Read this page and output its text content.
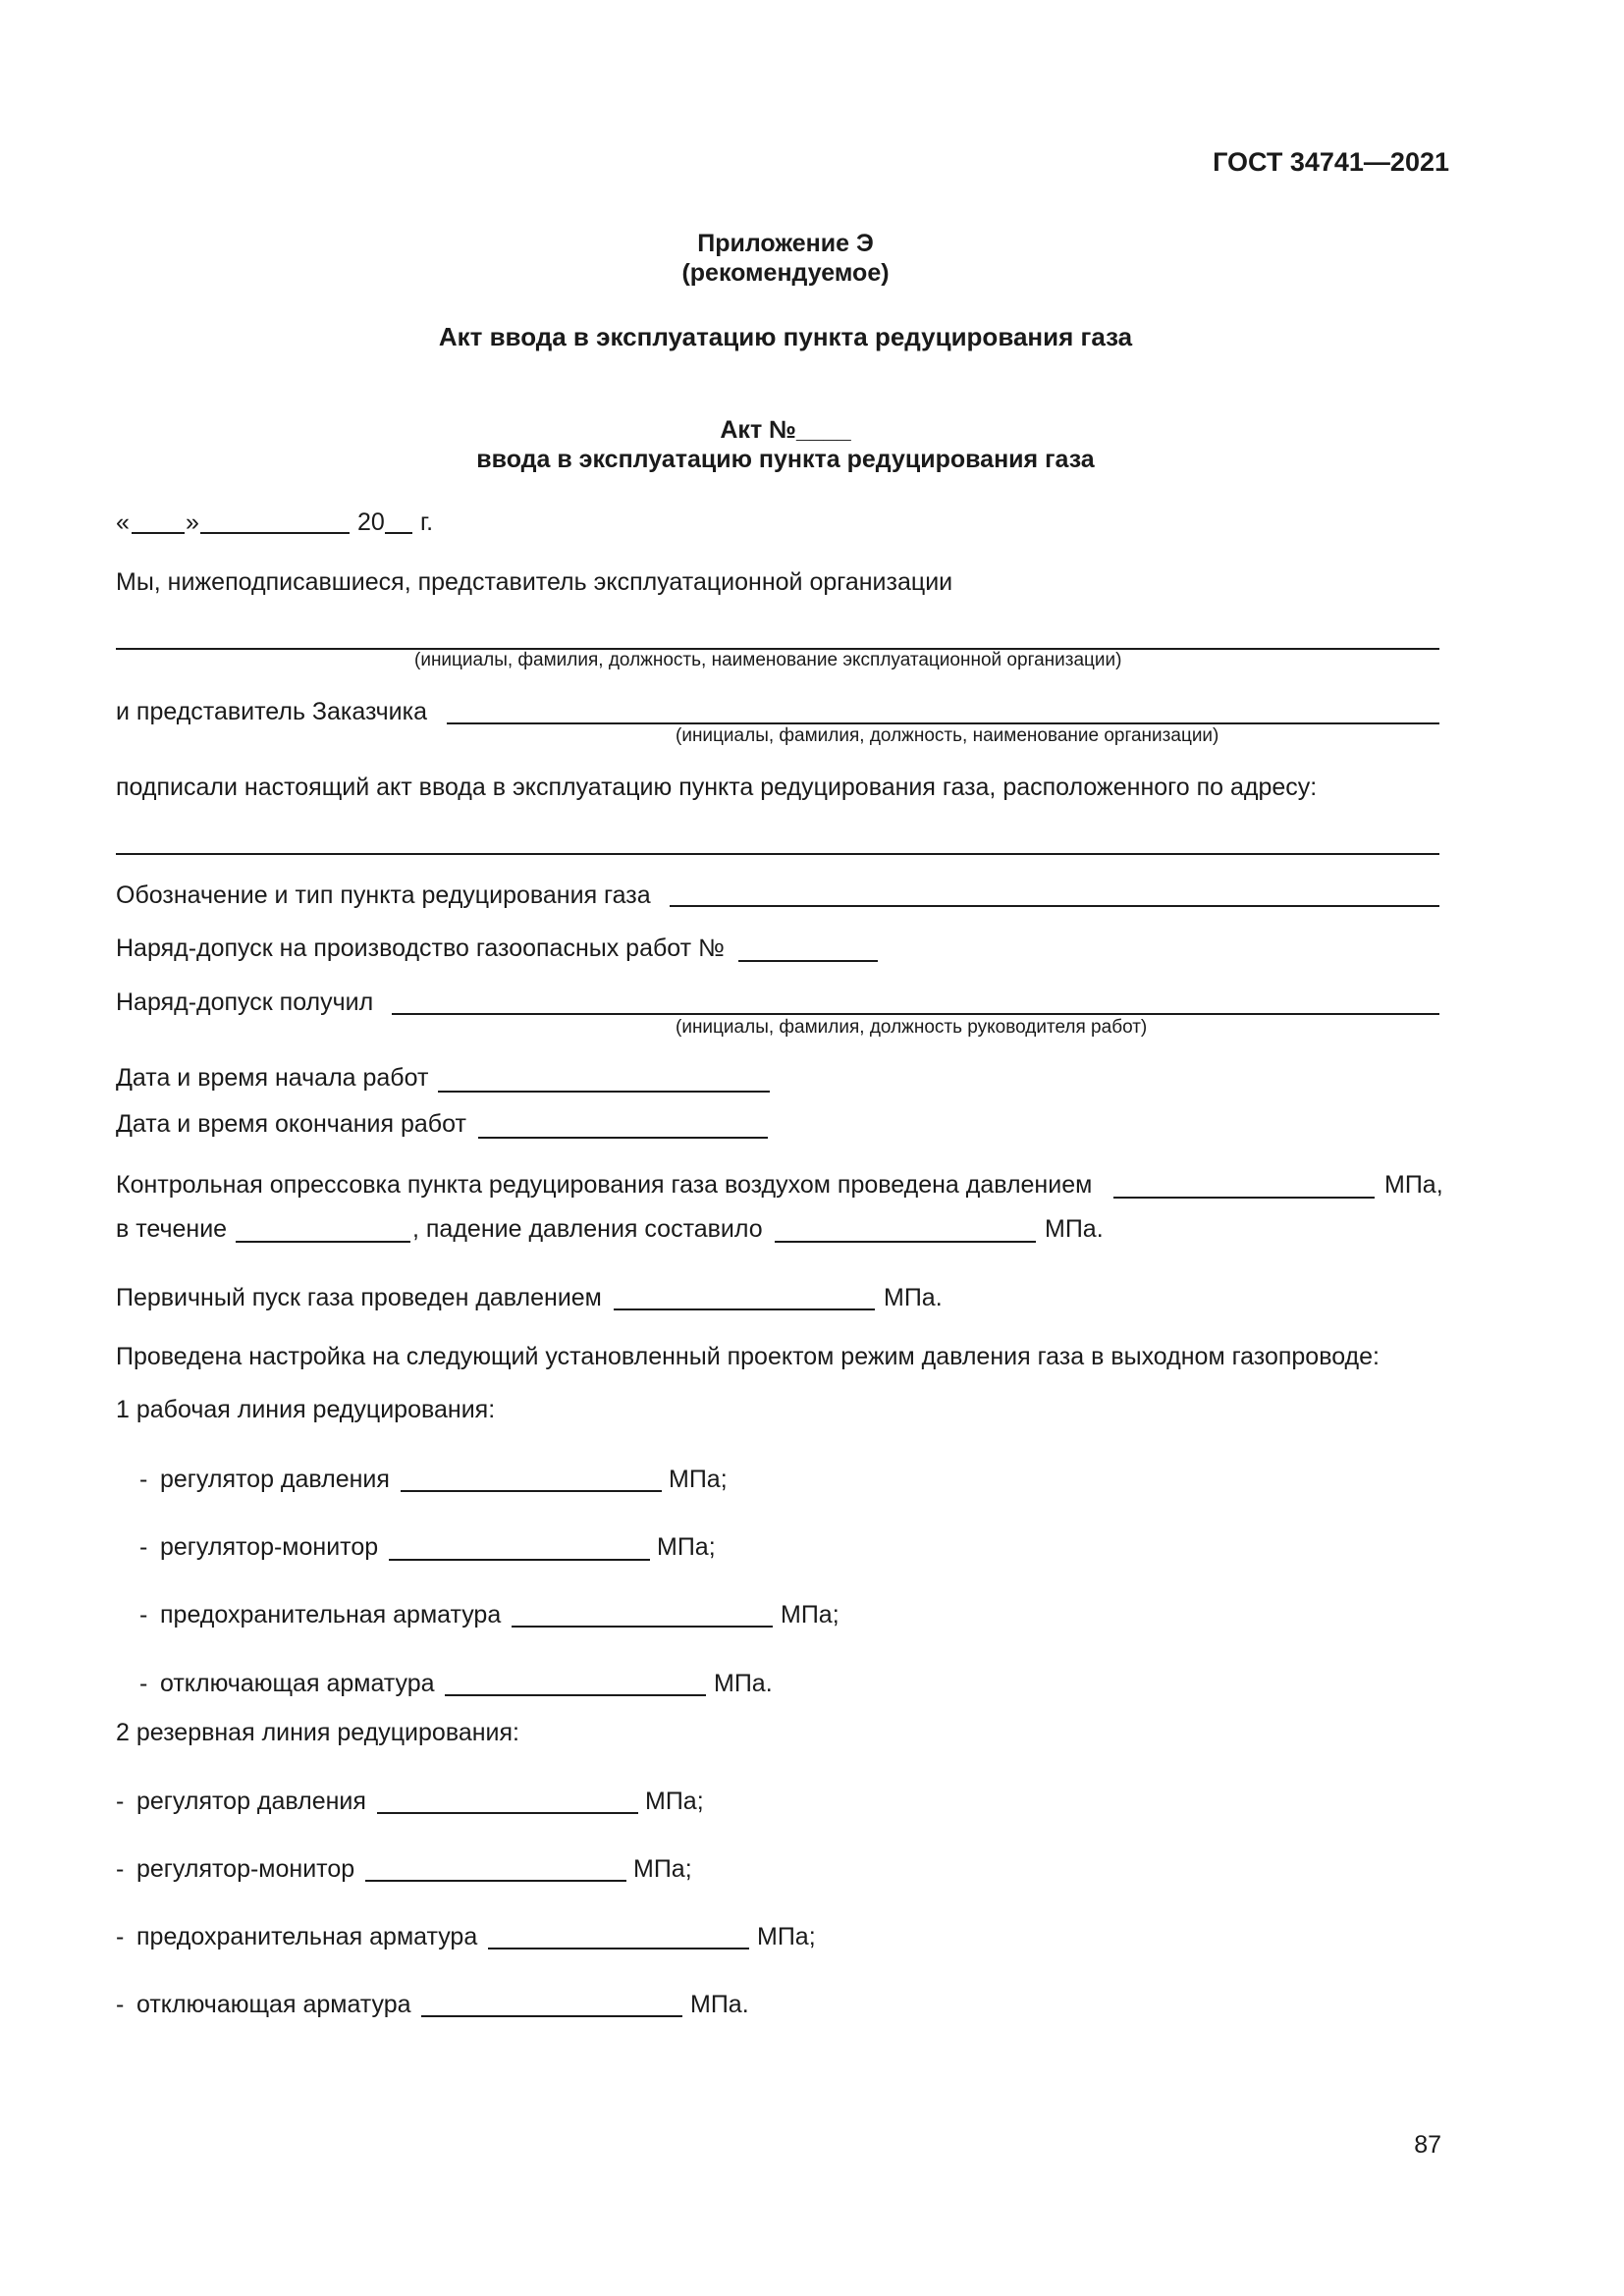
ГОСТ 34741—2021
Приложение Э
(рекомендуемое)
Акт ввода в эксплуатацию пункта редуцирования газа
Акт №____
ввода в эксплуатацию пункта редуцирования газа
« »	20 г.
Мы, нижеподписавшиеся, представитель эксплуатационной организации
(инициалы, фамилия, должность, наименование эксплуатационной организации)
и представитель Заказчика
(инициалы, фамилия, должность, наименование организации)
подписали настоящий акт ввода в эксплуатацию пункта редуцирования газа, расположенного по адресу:
Обозначение и тип пункта редуцирования газа
Наряд-допуск на производство газоопасных работ №
Наряд-допуск получил
(инициалы, фамилия, должность руководителя работ)
Дата и время начала работ
Дата и время окончания работ
Контрольная опрессовка пункта редуцирования газа воздухом проведена давлением	МПа,
в течение	, падение давления составило	МПа.
Первичный пуск газа проведен давлением	МПа.
Проведена настройка на следующий установленный проектом режим давления газа в выходном газопроводе:
1 рабочая линия редуцирования:
- регулятор давления	МПа;
- регулятор-монитор	МПа;
- предохранительная арматура	МПа;
- отключающая арматура	МПа.
2 резервная линия редуцирования:
- регулятор давления	МПа;
- регулятор-монитор	МПа;
- предохранительная арматура	МПа;
- отключающая арматура	МПа.
87
